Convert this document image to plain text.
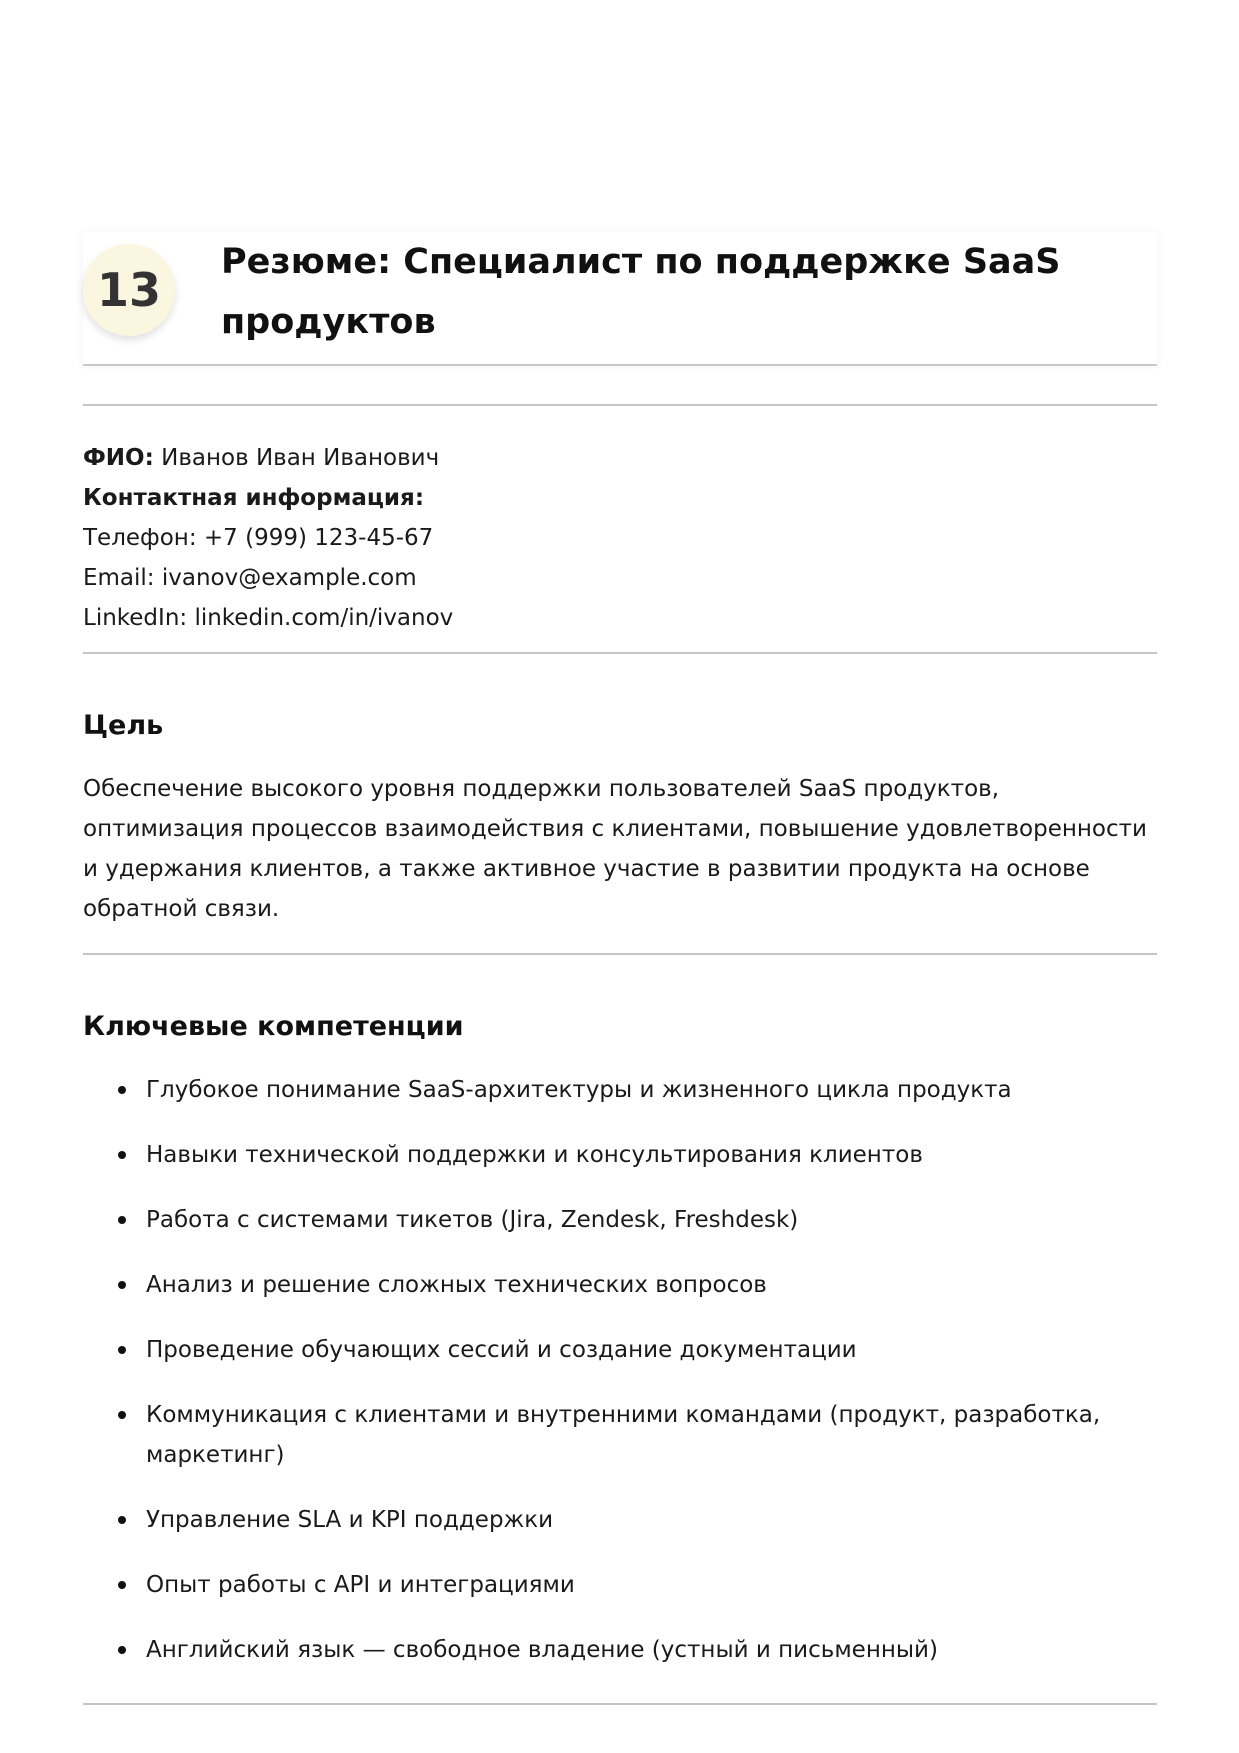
13
Резюме: Специалист по поддержке SaaS продуктов
ФИО: Иванов Иван Иванович
Контактная информация:
Телефон: +7 (999) 123-45-67
Email: ivanov@example.com
LinkedIn: linkedin.com/in/ivanov
Цель

Обеспечение высокого уровня поддержки пользователей SaaS продуктов, оптимизация процессов взаимодействия с клиентами, повышение удовлетворенности и удержания клиентов, а также активное участие в развитии продукта на основе обратной связи.

Ключевые компетенции
Глубокое понимание SaaS-архитектуры и жизненного цикла продукта
Навыки технической поддержки и консультирования клиентов
Работа с системами тикетов (Jira, Zendesk, Freshdesk)
Анализ и решение сложных технических вопросов
Проведение обучающих сессий и создание документации
Коммуникация с клиентами и внутренними командами (продукт, разработка, маркетинг)
Управление SLA и KPI поддержки
Опыт работы с API и интеграциями
Английский язык — свободное владение (устный и письменный)
